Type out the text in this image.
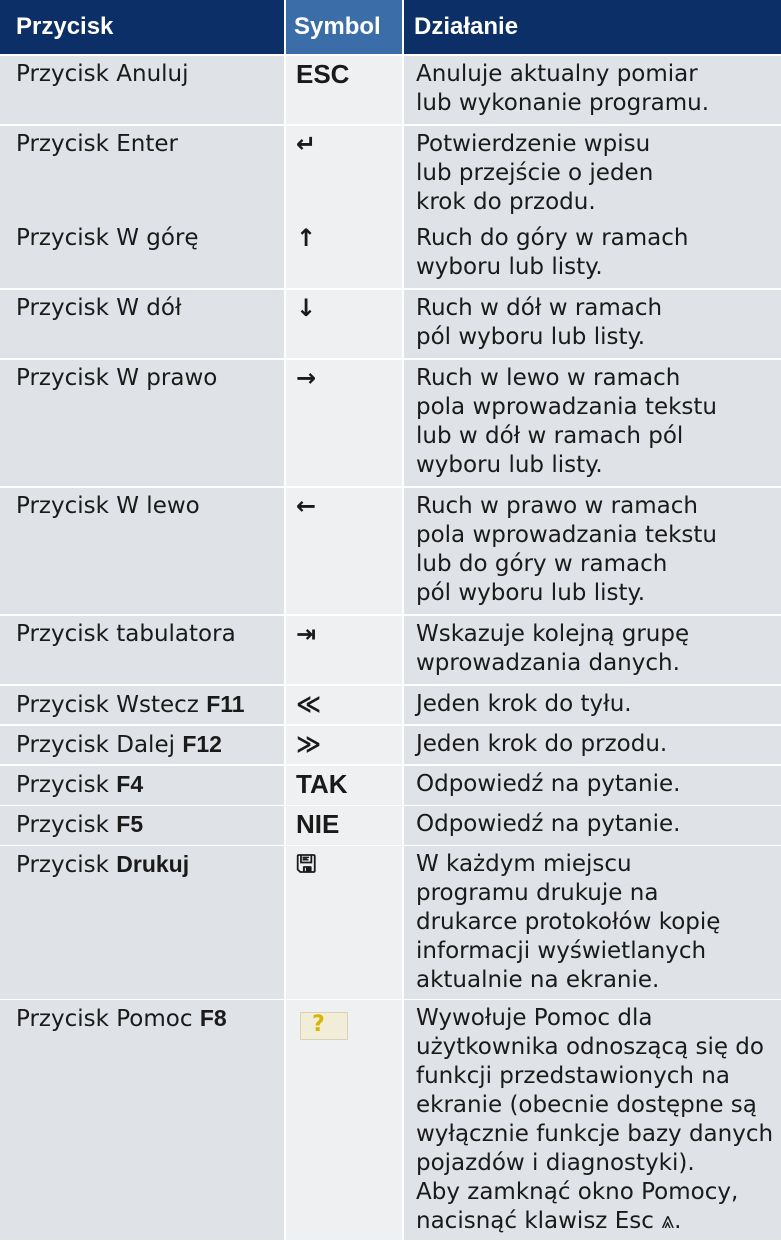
Przycisk	Symbol	Działanie
Przycisk Anuluj	ESC	Anuluje aktualny pomiar
lub wykonanie programu.
Przycisk Enter	↵	Potwierdzenie wpisu
lub przejście o jeden
krok do przodu.
Przycisk W górę	↑	Ruch do góry w ramach
wyboru lub listy.
Przycisk W dół	↓	Ruch w dół w ramach
pól wyboru lub listy.
Przycisk W prawo	→	Ruch w lewo w ramach
pola wprowadzania tekstu
lub w dół w ramach pól
wyboru lub listy.
Przycisk W lewo	←	Ruch w prawo w ramach
pola wprowadzania tekstu
lub do góry w ramach
pól wyboru lub listy.
Przycisk tabulatora	⇥	Wskazuje kolejną grupę
wprowadzania danych.
Przycisk Wstecz F11	≪	Jeden krok do tyłu.
Przycisk Dalej F12	≫	Jeden krok do przodu.
Przycisk F4	TAK	Odpowiedź na pytanie.
Przycisk F5	NIE	Odpowiedź na pytanie.
Przycisk Drukuj	🖫	W każdym miejscu
programu drukuje na
drukarce protokołów kopię
informacji wyświetlanych
aktualnie na ekranie.
Przycisk Pomoc F8	?	Wywołuje Pomoc dla
użytkownika odnoszącą się do
funkcji przedstawionych na
ekranie (obecnie dostępne są
wyłącznie funkcje bazy danych
pojazdów i diagnostyki).
Aby zamknąć okno Pomocy,
nacisnąć klawisz Esc ⩓.
